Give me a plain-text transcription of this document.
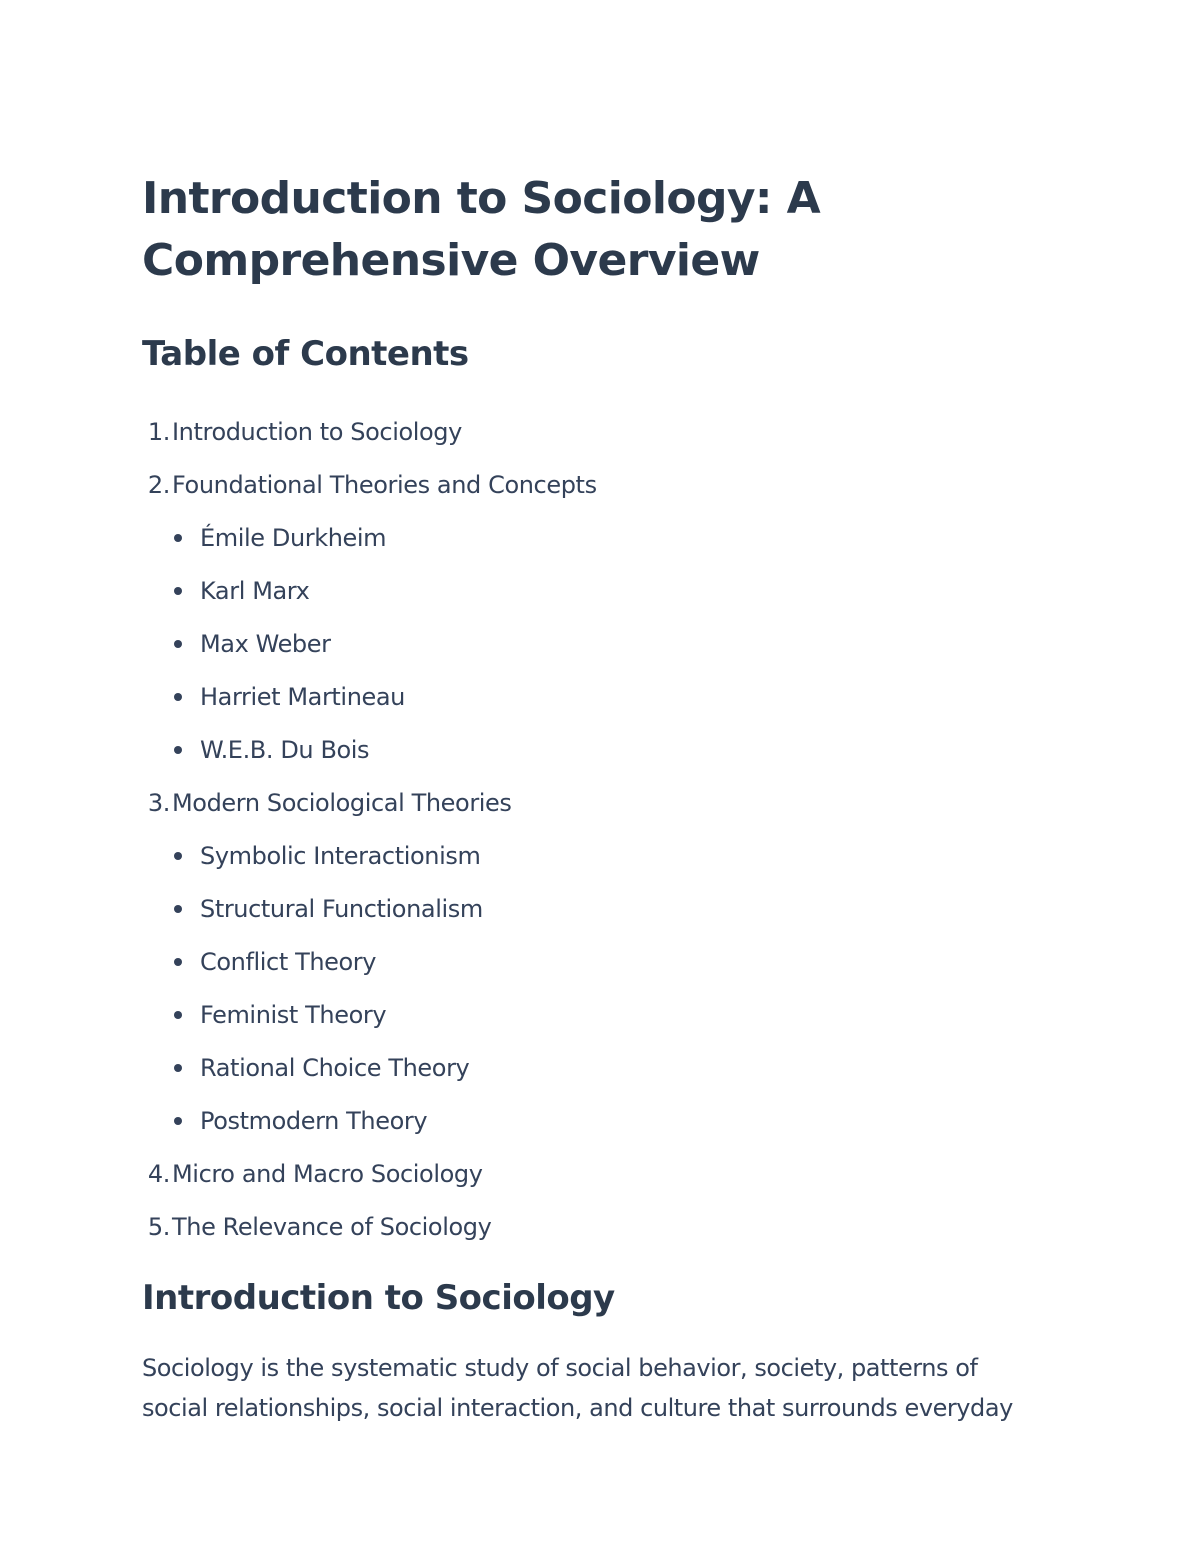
Introduction to Sociology: A Comprehensive Overview
Table of Contents
1.Introduction to Sociology
2.Foundational Theories and Concepts
Émile Durkheim
Karl Marx
Max Weber
Harriet Martineau
W.E.B. Du Bois
3.Modern Sociological Theories
Symbolic Interactionism
Structural Functionalism
Conflict Theory
Feminist Theory
Rational Choice Theory
Postmodern Theory
4.Micro and Macro Sociology
5.The Relevance of Sociology
Introduction to Sociology

Sociology is the systematic study of social behavior, society, patterns of
social relationships, social interaction, and culture that surrounds everyday
